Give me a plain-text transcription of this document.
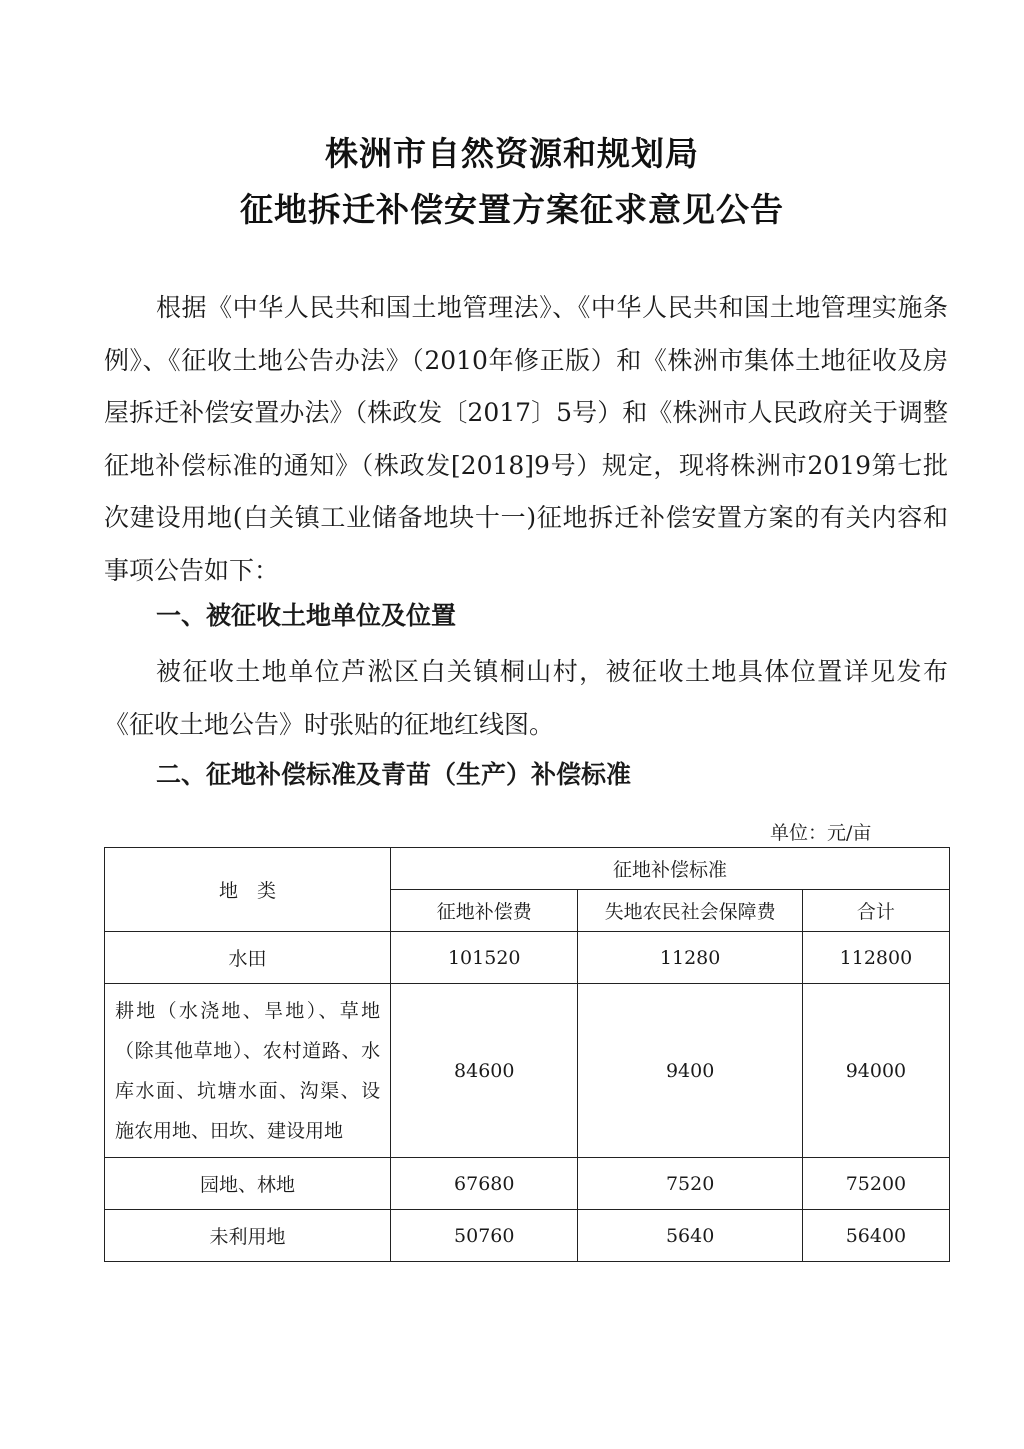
株洲市自然资源和规划局
征地拆迁补偿安置方案征求意见公告

根据《中华人民共和国土地管理法》、《中华人民共和国土地管理实施条例》、《征收土地公告办法》（2010年修正版）和《株洲市集体土地征收及房屋拆迁补偿安置办法》（株政发〔2017〕5号）和《株洲市人民政府关于调整征地补偿标准的通知》（株政发[2018]9号）规定，现将株洲市2019第七批次建设用地(白关镇工业储备地块十一)征地拆迁补偿安置方案的有关内容和事项公告如下：

一、被征收土地单位及位置

被征收土地单位芦淞区白关镇桐山村，被征收土地具体位置详见发布《征收土地公告》时张贴的征地红线图。

二、征地补偿标准及青苗（生产）补偿标准

单位：元/亩

地　类	征地补偿标准		
	征地补偿费	失地农民社会保障费	合计
水田	101520	11280	112800
耕地（水浇地、旱地）、草地（除其他草地）、农村道路、水库水面、坑塘水面、沟渠、设施农用地、田坎、建设用地	84600	9400	94000
园地、林地	67680	7520	75200
未利用地	50760	5640	56400
